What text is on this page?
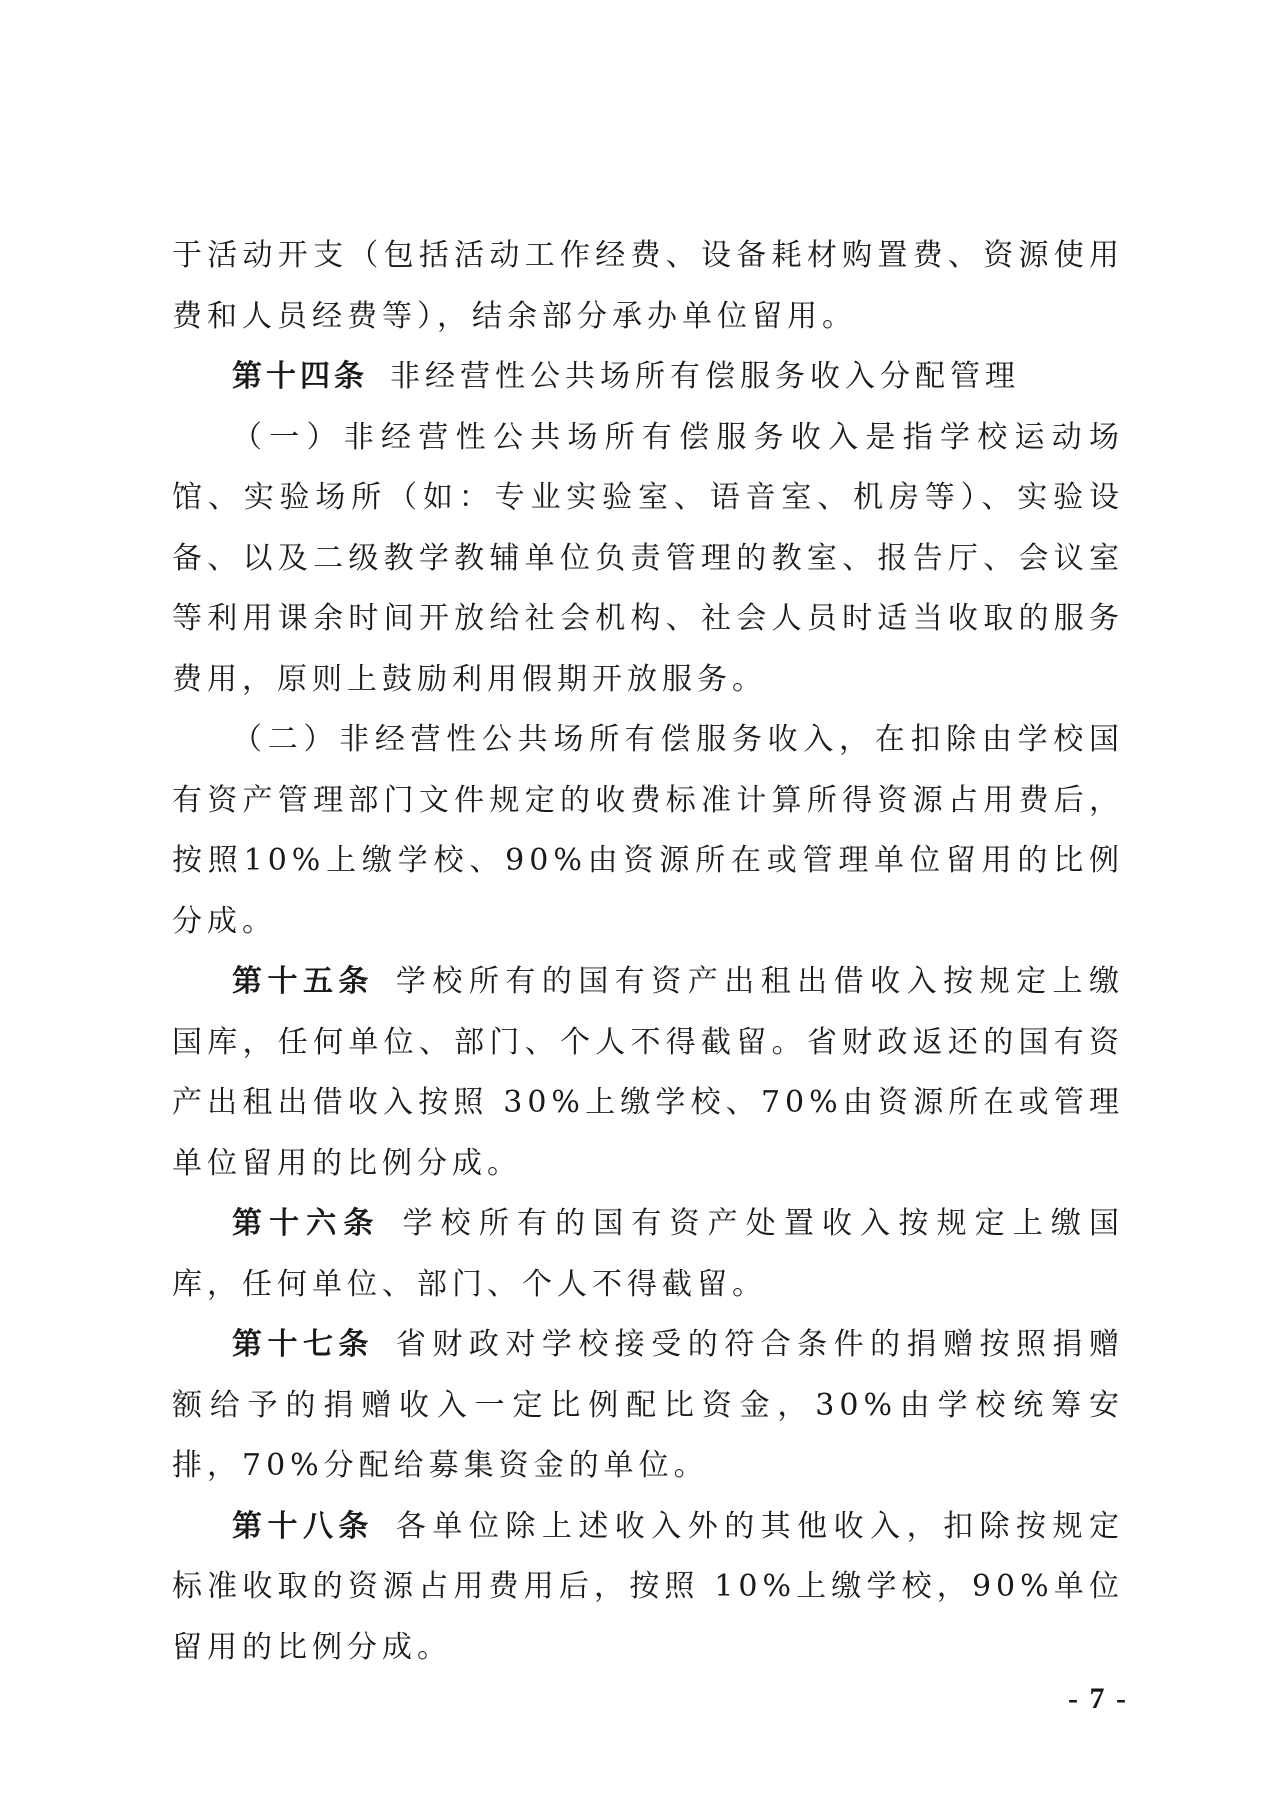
于活动开支（包括活动工作经费、设备耗材购置费、资源使用费和人员经费等），结余部分承办单位留用。

第十四条 非经营性公共场所有偿服务收入分配管理

（一）非经营性公共场所有偿服务收入是指学校运动场馆、实验场所（如：专业实验室、语音室、机房等）、实验设备、以及二级教学教辅单位负责管理的教室、报告厅、会议室等利用课余时间开放给社会机构、社会人员时适当收取的服务费用，原则上鼓励利用假期开放服务。

（二）非经营性公共场所有偿服务收入，在扣除由学校国有资产管理部门文件规定的收费标准计算所得资源占用费后，按照10%上缴学校、90%由资源所在或管理单位留用的比例分成。

第十五条 学校所有的国有资产出租出借收入按规定上缴国库，任何单位、部门、个人不得截留。省财政返还的国有资产出租出借收入按照 30%上缴学校、70%由资源所在或管理单位留用的比例分成。

第十六条 学校所有的国有资产处置收入按规定上缴国库，任何单位、部门、个人不得截留。

第十七条 省财政对学校接受的符合条件的捐赠按照捐赠额给予的捐赠收入一定比例配比资金，30%由学校统筹安排，70%分配给募集资金的单位。

第十八条 各单位除上述收入外的其他收入，扣除按规定标准收取的资源占用费用后，按照 10%上缴学校，90%单位留用的比例分成。

- 7 -
